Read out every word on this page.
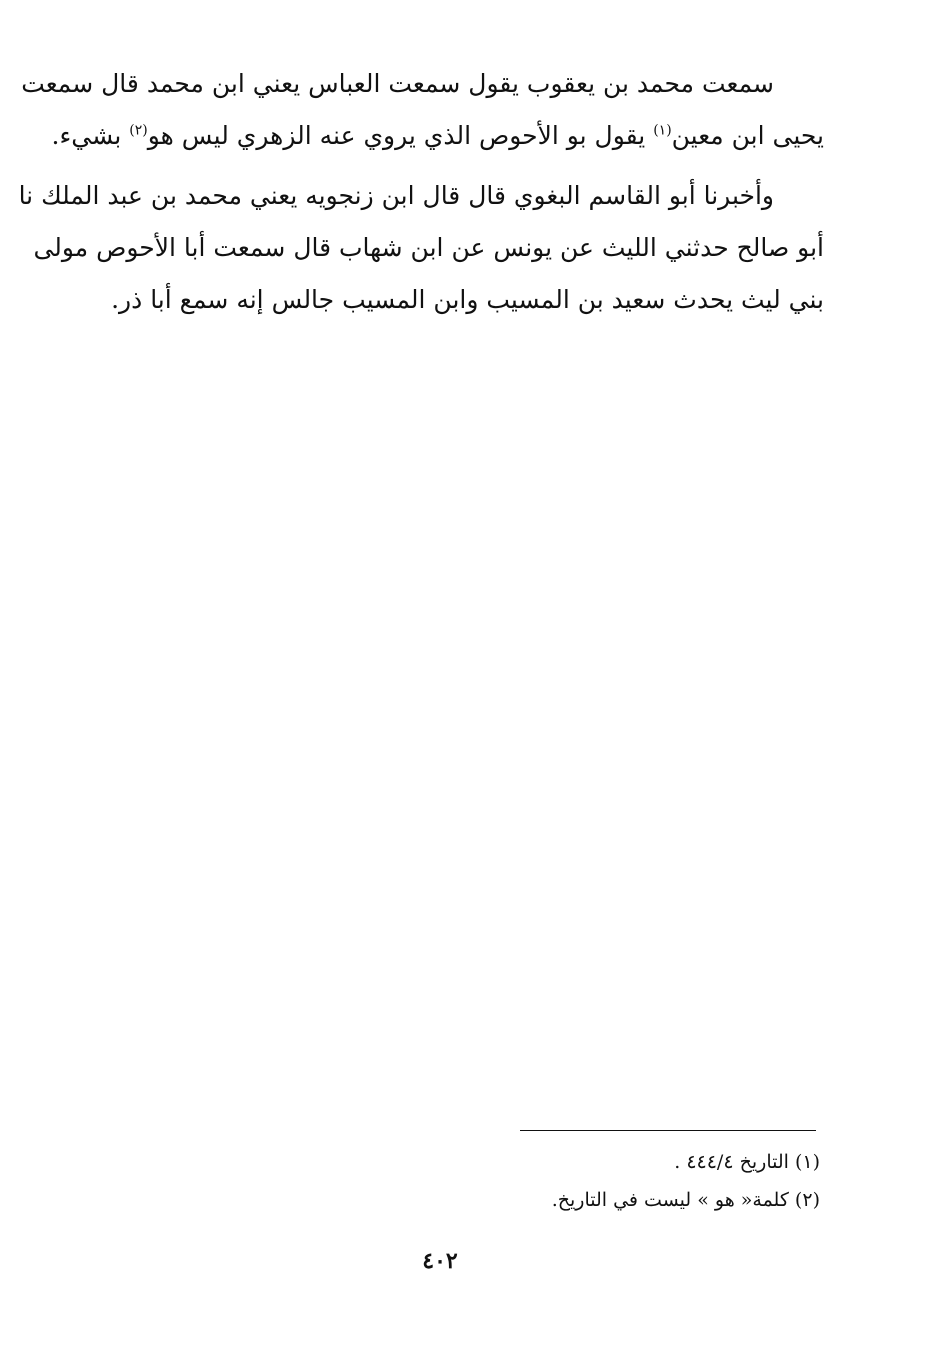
سمعت محمد بن يعقوب يقول سمعت العباس يعني ابن محمد قال سمعت
يحيى ابن معين$^{(١)}$ يقول بو الأحوص الذي يروي عنه الزهري ليس هو$^{(٢)}$ بشيء.

وأخبرنا أبو القاسم البغوي قال قال ابن زنجويه يعني محمد بن عبد الملك نا
أبو صالح حدثني الليث عن يونس عن ابن شهاب قال سمعت أبا الأحوص مولى
بني ليث يحدث سعيد بن المسيب وابن المسيب جالس إنه سمع أبا ذر.

(١) التاريخ ٤٤٤/٤ .
(٢) كلمة« هو » ليست في التاريخ.
٤٠٢
